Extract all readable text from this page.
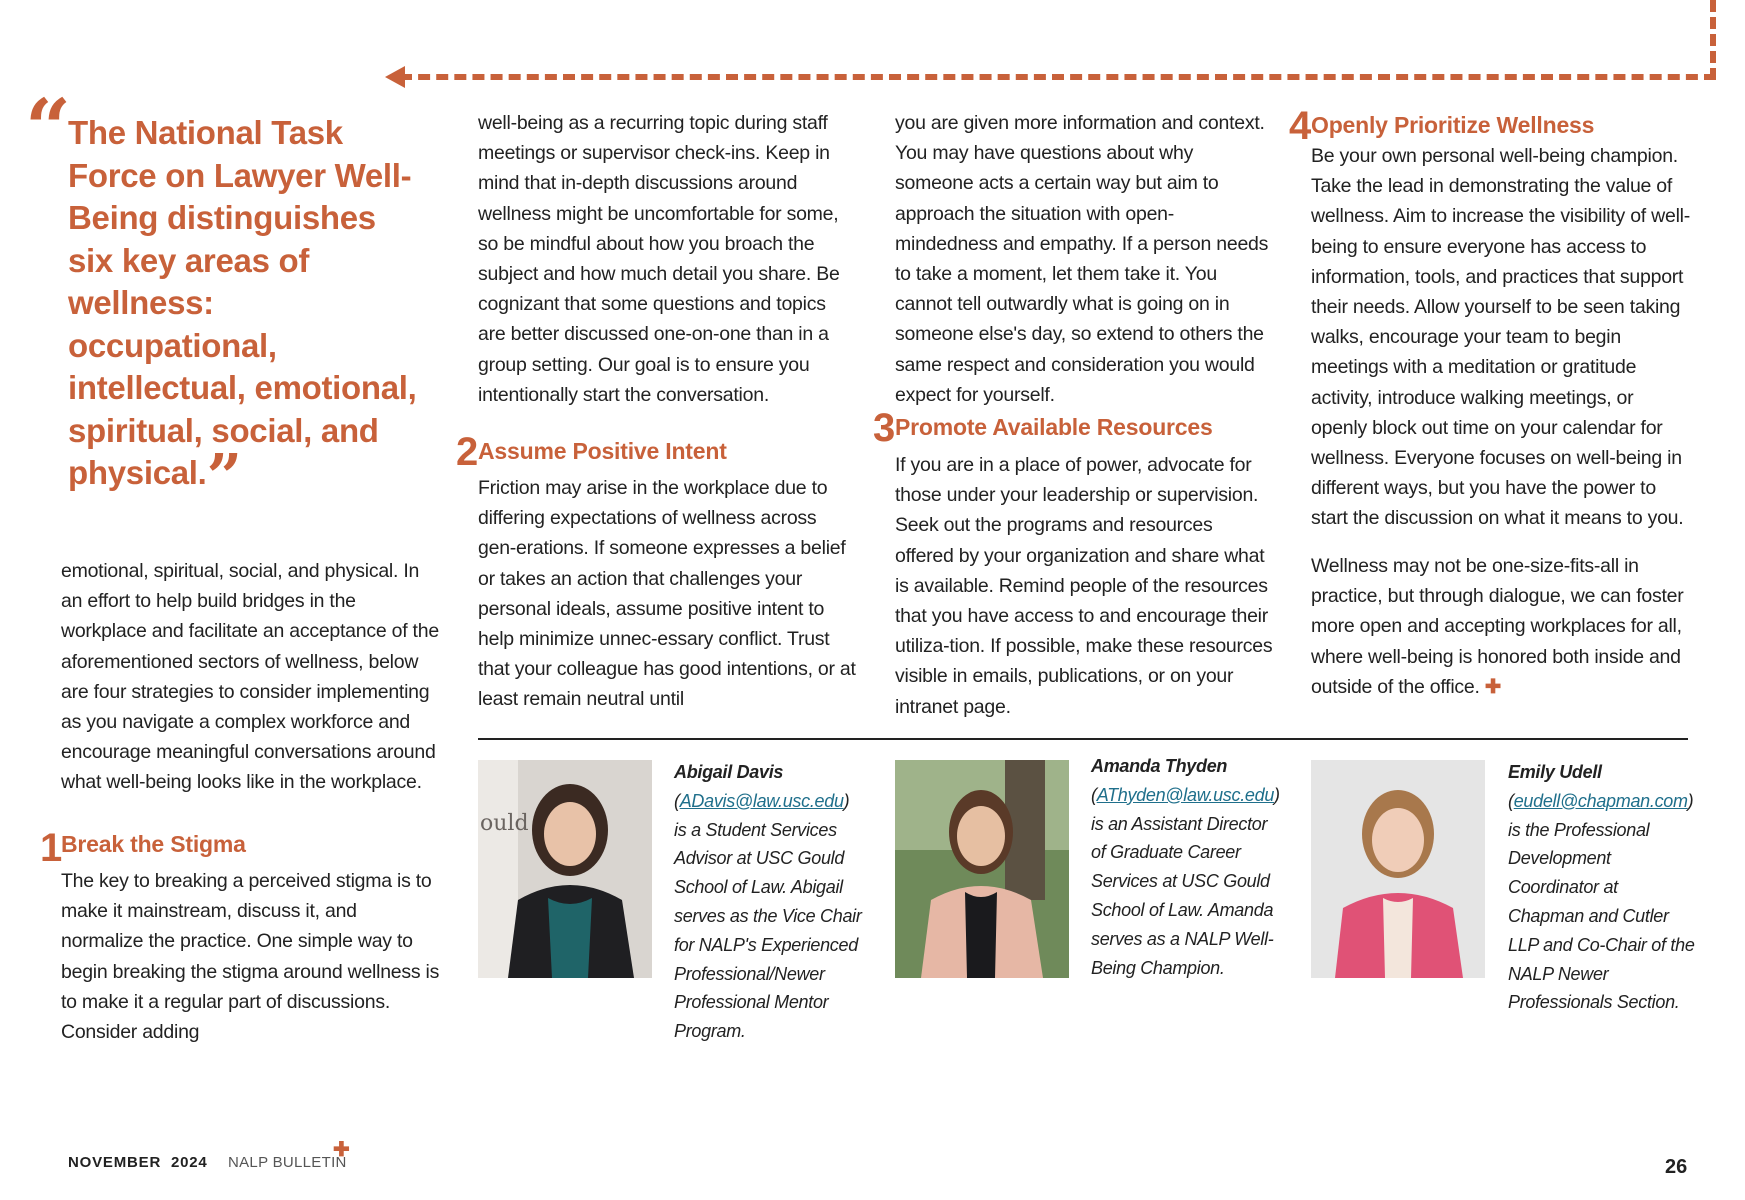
“
The National Task Force on Lawyer Well-Being distinguishes six key areas of wellness: occupational, intellectual, emotional, spiritual, social, and physical.”

emotional, spiritual, social, and physical. In an effort to help build bridges in the workplace and facilitate an acceptance of the aforementioned sectors of wellness, below are four strategies to consider implementing as you navigate a complex workforce and encourage meaningful conversations around what well-being looks like in the workplace.

1
Break the Stigma

The key to breaking a perceived stigma is to make it mainstream, discuss it, and normalize the practice. One simple way to begin breaking the stigma around wellness is to make it a regular part of discussions. Consider adding

well-being as a recurring topic during staff meetings or supervisor check-ins. Keep in mind that in-depth discussions around wellness might be uncomfortable for some, so be mindful about how you broach the subject and how much detail you share. Be cognizant that some questions and topics are better discussed one-on-one than in a group setting. Our goal is to ensure you intentionally start the conversation.

2 Assume Positive Intent

Friction may arise in the workplace due to differing expectations of wellness across gen-erations. If someone expresses a belief or takes an action that challenges your personal ideals, assume positive intent to help minimize unnec-essary conflict. Trust that your colleague has good intentions, or at least remain neutral until

you are given more information and context. You may have questions about why someone acts a certain way but aim to approach the situation with open-mindedness and empathy. If a person needs to take a moment, let them take it. You cannot tell outwardly what is going on in someone else's day, so extend to others the same respect and consideration you would expect for yourself.

3 Promote Available Resources

If you are in a place of power, advocate for those under your leadership or supervision. Seek out the programs and resources offered by your organization and share what is available. Remind people of the resources that you have access to and encourage their utiliza-tion. If possible, make these resources visible in emails, publications, or on your intranet page.

4 Openly Prioritize Wellness

Be your own personal well-being champion. Take the lead in demonstrating the value of wellness. Aim to increase the visibility of well-being to ensure everyone has access to information, tools, and practices that support their needs. Allow yourself to be seen taking walks, encourage your team to begin meetings with a meditation or gratitude activity, introduce walking meetings, or openly block out time on your calendar for wellness. Everyone focuses on well-being in different ways, but you have the power to start the discussion on what it means to you.

Wellness may not be one-size-fits-all in practice, but through dialogue, we can foster more open and accepting workplaces for all, where well-being is honored both inside and outside of the office. ✚

ould
Abigail Davis (ADavis@law.usc.edu) is a Student Services Advisor at USC Gould School of Law. Abigail serves as the Vice Chair for NALP's Experienced Professional/Newer Professional Mentor Program.
Amanda Thyden (AThyden@law.usc.edu) is an Assistant Director of Graduate Career Services at USC Gould School of Law. Amanda serves as a NALP Well-Being Champion.
Emily Udell (eudell@chapman.com) is the Professional Development Coordinator at Chapman and Cutler LLP and Co-Chair of the NALP Newer Professionals Section.
NOVEMBER  2024 NALP BULLETIN
✚
26
